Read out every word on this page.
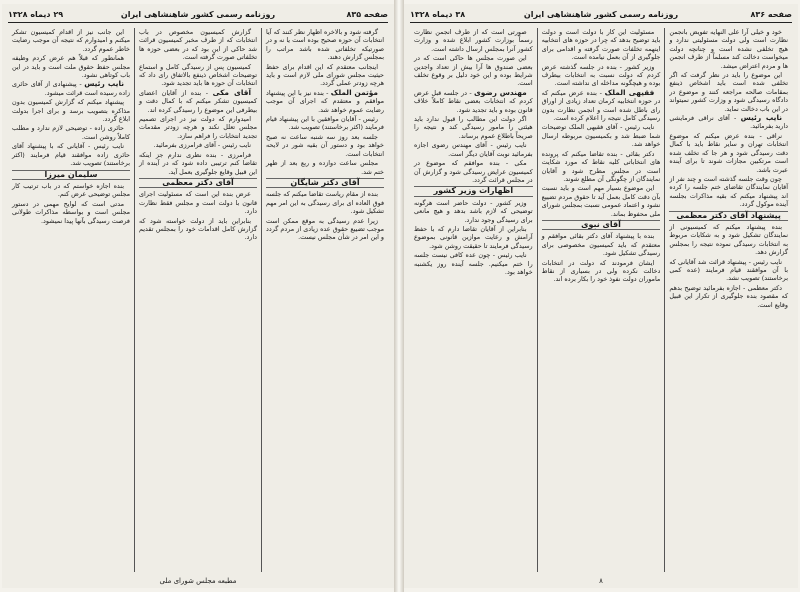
صفحه ۸۳۵
روزنامه رسمی کشور شاهنشاهی ایران
۲۹ دیماه ۱۳۲۸

گرفته شود و بالاخره اظهار نظر کنند که آیا انتخابات آن حوزه صحیح بوده است یا نه و در صورتیکه تخلفاتی شده باشد مراتب را بمجلس گزارش دهند.

اینجانب معتقدم که این اقدام برای حفظ حیثیت مجلس شورای ملی لازم است و باید هرچه زودتر عملی گردد.

مؤتمن الملک - بنده نیز با این پیشنهاد موافقم و معتقدم که اجرای آن موجب رضایت عموم خواهد شد.

رئیس - آقایان موافقین با این پیشنهاد قیام فرمایند (اکثر برخاستند) تصویب شد.

جلسه بعد روز سه شنبه ساعت نه صبح خواهد بود و دستور آن بقیه شور در لایحه انتخابات است.

مجلس ساعت دوازده و ربع بعد از ظهر ختم شد.

آقای دکتر شایگان

بنده از مقام ریاست تقاضا میکنم که جلسه فوق العاده ای برای رسیدگی به این امر مهم تشکیل شود.

زیرا عدم رسیدگی به موقع ممکن است موجب تضییع حقوق عده زیادی از مردم گردد و این امر در شأن مجلس نیست.

گزارش کمیسیون مخصوص در باب انتخابات که از طرف مخبر کمیسیون قرائت شد حاکی از این بود که در بعضی حوزه ها تخلفاتی صورت گرفته است.

کمیسیون پس از رسیدگی کامل و استماع توضیحات اشخاص ذینفع بالاتفاق رای داد که انتخابات آن حوزه ها باید تجدید شود.

آقای مکی - بنده از آقایان اعضای کمیسیون تشکر میکنم که با کمال دقت و بیطرفی این موضوع را رسیدگی کرده اند.

امیدوارم که دولت نیز در اجرای تصمیم مجلس تعلل نکند و هرچه زودتر مقدمات تجدید انتخابات را فراهم سازد.

نایب رئیس - آقای فرامرزی بفرمائید.

فرامرزی - بنده نظری ندارم جز اینکه تقاضا کنم ترتیبی داده شود که در آینده از این قبیل وقایع جلوگیری بعمل آید.

آقای دکتر معظمی

عرض بنده این است که مسئولیت اجرای قانون با دولت است و مجلس فقط نظارت دارد.

بنابراین باید از دولت خواسته شود که گزارش کامل اقدامات خود را بمجلس تقدیم دارد.

این جانب نیز از اقدام کمیسیون تشکر میکنم و امیدوارم که نتیجه آن موجب رضایت خاطر عموم گردد.

همانطور که قبلاً هم عرض کردم وظیفه مجلس حفظ حقوق ملت است و باید در این باب کوتاهی نشود.

نایب رئیس - پیشنهادی از آقای حائری زاده رسیده است قرائت میشود.

پیشنهاد میکنم که گزارش کمیسیون بدون مذاکره بتصویب برسد و برای اجرا بدولت ابلاغ گردد.

حائری زاده - توضیحی لازم ندارد و مطلب کاملاً روشن است.

نایب رئیس - آقایانی که با پیشنهاد آقای حائری زاده موافقند قیام فرمایند (اکثر برخاستند) تصویب شد.

سلیمان میرزا

بنده اجازه خواستم که در باب ترتیب کار مجلس توضیحی عرض کنم.

مدتی است که لوایح مهمی در دستور مجلس است و بواسطه مذاکرات طولانی فرصت رسیدگی بآنها پیدا نمیشود.

مطبعه مجلس شورای ملی
صفحه ۸۳۶
روزنامه رسمی کشور شاهنشاهی ایران
۳۸ دیماه ۱۳۲۸

خود و خیلی آرا علی النهایه تفویض بانجمن نظارت است ولی دولت مسئولیتی ندارد و هیچ تخلفی نشده است و چنانچه دولت میخواست دخالت کند مسلماً از طرف انجمن ها و مردم اعتراض میشد.

این موضوع را باید در نظر گرفت که اگر تخلفی شده است باید اشخاص ذینفع بمقامات صالحه مراجعه کنند و موضوع در دادگاه رسیدگی شود و وزارت کشور نمیتواند در این باب دخالت نماید.

نایب رئیس - آقای نراقی فرمایشی دارید بفرمائید.

نراقی - بنده عرض میکنم که موضوع انتخابات تهران و سایر نقاط باید با کمال دقت رسیدگی شود و هر جا که تخلف شده است مرتکبین مجازات شوند تا برای آینده عبرت باشد.

چون وقت جلسه گذشته است و چند نفر از آقایان نمایندگان تقاضای ختم جلسه را کرده اند پیشنهاد میکنم که بقیه مذاکرات بجلسه آینده موکول گردد.

پیشنهاد آقای دکتر معظمی

بنده پیشنهاد میکنم که کمیسیونی از نمایندگان تشکیل شود و به شکایات مربوط به انتخابات رسیدگی نموده نتیجه را بمجلس گزارش دهد.

نایب رئیس - پیشنهاد قرائت شد آقایانی که با آن موافقند قیام فرمایند (عده کمی برخاستند) تصویب نشد.

دکتر معظمی - اجازه بفرمائید توضیح بدهم که مقصود بنده جلوگیری از تکرار این قبیل وقایع است.

مسئولیت این کار با دولت است و دولت باید توضیح بدهد که چرا در حوزه های انتخابیه اینهمه تخلفات صورت گرفته و اقدامی برای جلوگیری از آن بعمل نیامده است.

وزیر کشور - بنده در جلسه گذشته عرض کردم که دولت نسبت به انتخابات بیطرف بوده و هیچگونه مداخله ای نداشته است.

فقیهی الملک - بنده عرض میکنم که در حوزه انتخابیه کرمان تعداد زیادی از اوراق رای باطل شده است و انجمن نظارت بدون رسیدگی کامل نتیجه را اعلام کرده است.

نایب رئیس - آقای فقیهی الملک توضیحات شما ضبط شد و بکمیسیون مربوطه ارسال خواهد شد.

دکتر بقائی - بنده تقاضا میکنم که پرونده های انتخاباتی کلیه نقاط که مورد شکایت است در مجلس مطرح شود و آقایان نمایندگان از چگونگی آن مطلع شوند.

این موضوع بسیار مهم است و باید نسبت بآن دقت کامل بعمل آید تا حقوق مردم تضییع نشود و اعتماد عمومی نسبت بمجلس شورای ملی محفوظ بماند.

آقای نبوی

بنده با پیشنهاد آقای دکتر بقائی موافقم و معتقدم که باید کمیسیون مخصوصی برای رسیدگی تشکیل شود.

ایشان فرمودند که دولت در انتخابات دخالت نکرده ولی در بسیاری از نقاط ماموران دولت نفوذ خود را بکار برده اند.

صورتی است که از طرف انجمن نظارت رسماً بوزارت کشور ابلاغ شده و وزارت کشور آنرا بمجلس ارسال داشته است.

این صورت مجلس ها حاکی است که در بعضی صندوق ها آرا بیش از تعداد واجدین شرایط بوده و این خود دلیل بر وقوع تخلف است.

مهندس رضوی - در جلسه قبل عرض کردم که انتخابات بعضی نقاط کاملاً خلاف قانون بوده و باید تجدید شود.

اگر دولت این مطالب را قبول ندارد باید هیئتی را مامور رسیدگی کند و نتیجه را صریحاً باطلاع عموم برساند.

نایب رئیس - آقای مهندس رضوی اجازه بفرمائید نوبت آقایان دیگر است.

مکی - بنده موافقم که موضوع در کمیسیون عرایض رسیدگی شود و گزارش آن در مجلس قرائت گردد.

اظهارات وزیر کشور

وزیر کشور - دولت حاضر است هرگونه توضیحی که لازم باشد بدهد و هیچ مانعی برای رسیدگی وجود ندارد.

بنابراین از آقایان تقاضا دارم که با حفظ آرامش و رعایت موازین قانونی بموضوع رسیدگی فرمایند تا حقیقت روشن شود.

نایب رئیس - چون عده کافی نیست جلسه را ختم میکنیم. جلسه آینده روز یکشنبه خواهد بود.

۸
